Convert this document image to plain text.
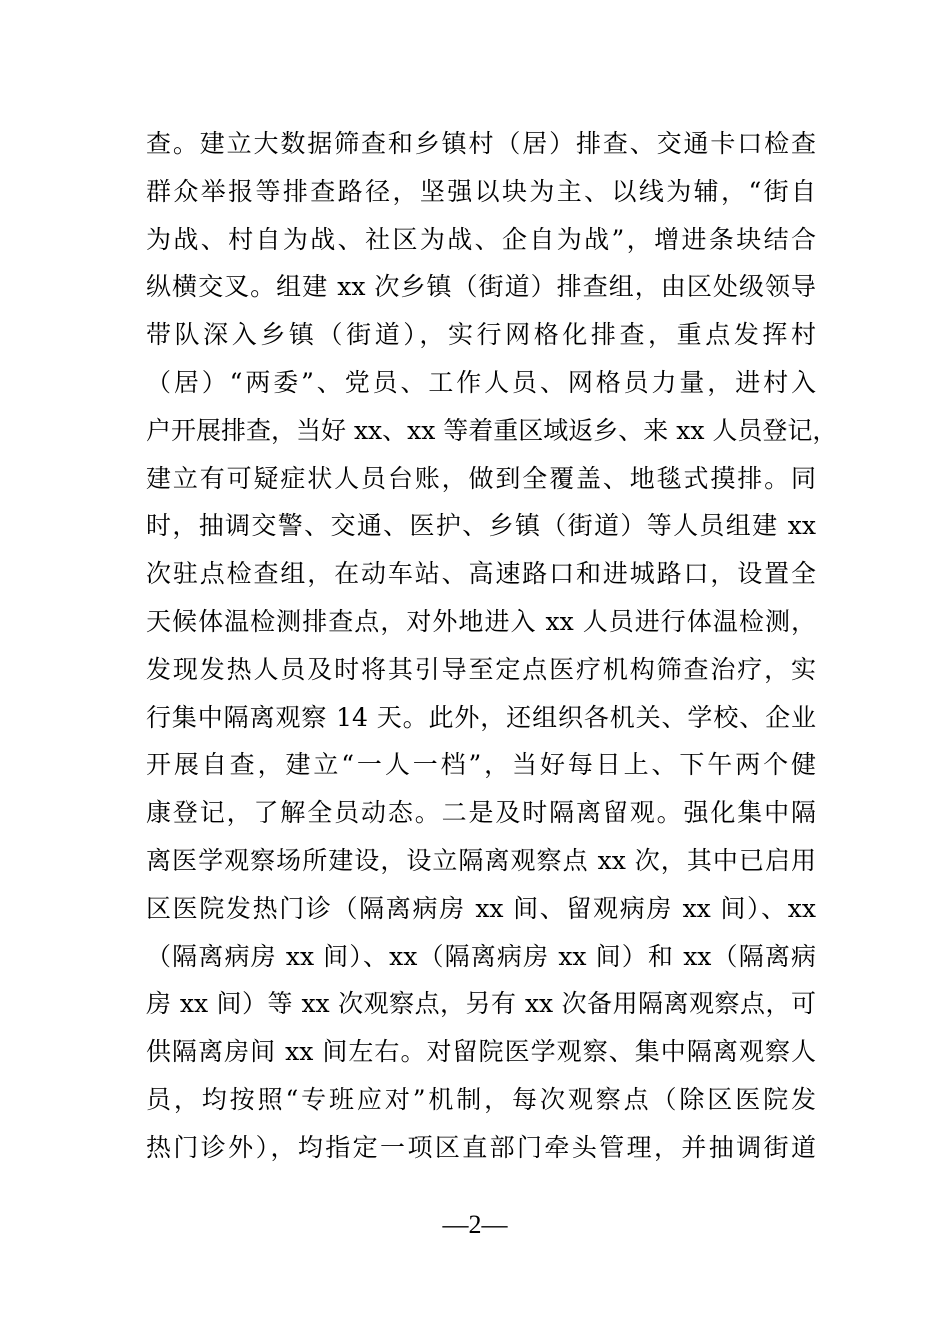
查。建立大数据筛查和乡镇村（居）排查、交通卡口检查
群众举报等排查路径，坚强以块为主、以线为辅，“街自
为战、村自为战、社区为战、企自为战”，增进条块结合
纵横交叉。组建 xx 次乡镇（街道）排查组，由区处级领导
带队深入乡镇（街道），实行网格化排查，重点发挥村
（居）“两委”、党员、工作人员、网格员力量，进村入
户开展排查，当好 xx、xx 等着重区域返乡、来 xx 人员登记，
建立有可疑症状人员台账，做到全覆盖、地毯式摸排。同
时，抽调交警、交通、医护、乡镇（街道）等人员组建 xx
次驻点检查组，在动车站、高速路口和进城路口，设置全
天候体温检测排查点，对外地进入 xx 人员进行体温检测，
发现发热人员及时将其引导至定点医疗机构筛查治疗，实
行集中隔离观察 14 天。此外，还组织各机关、学校、企业
开展自查，建立“一人一档”，当好每日上、下午两个健
康登记，了解全员动态。二是及时隔离留观。强化集中隔
离医学观察场所建设，设立隔离观察点 xx 次，其中已启用
区医院发热门诊（隔离病房 xx 间、留观病房 xx 间）、xx
（隔离病房 xx 间）、xx（隔离病房 xx 间）和 xx（隔离病
房 xx 间）等 xx 次观察点，另有 xx 次备用隔离观察点，可
供隔离房间 xx 间左右。对留院医学观察、集中隔离观察人
员，均按照“专班应对”机制，每次观察点（除区医院发
热门诊外），均指定一项区直部门牵头管理，并抽调街道
—2—
